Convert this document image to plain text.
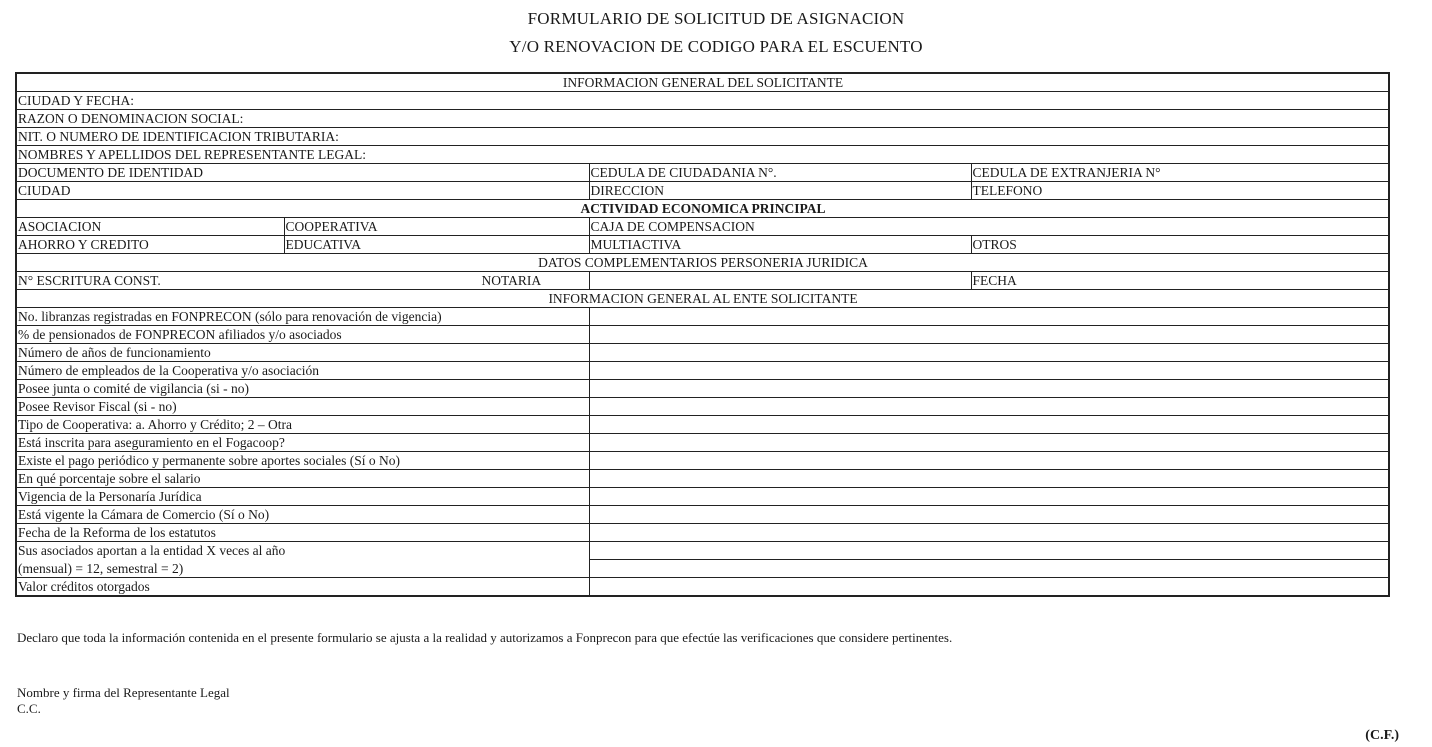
FORMULARIO DE SOLICITUD DE ASIGNACION
Y/O RENOVACION DE CODIGO PARA EL ESCUENTO
INFORMACION GENERAL DEL SOLICITANTE			
CIUDAD Y FECHA:			
RAZON O DENOMINACION SOCIAL:			
NIT. O NUMERO DE IDENTIFICACION TRIBUTARIA:			
NOMBRES Y APELLIDOS DEL REPRESENTANTE LEGAL:			
DOCUMENTO DE IDENTIDAD		CEDULA DE CIUDADANIA N°.	CEDULA DE EXTRANJERIA N°
CIUDAD		DIRECCION	TELEFONO
ACTIVIDAD ECONOMICA PRINCIPAL			
ASOCIACION	COOPERATIVA	CAJA DE COMPENSACION	
AHORRO Y CREDITO	EDUCATIVA	MULTIACTIVA	OTROS
DATOS COMPLEMENTARIOS PERSONERIA JURIDICA			
N° ESCRITURA CONST.		NOTARIA	FECHA
INFORMACION GENERAL AL ENTE SOLICITANTE			
No. libranzas registradas en FONPRECON (sólo para renovación de vigencia)			
% de pensionados de FONPRECON afiliados y/o asociados			
Número de años de funcionamiento			
Número de empleados de la Cooperativa y/o asociación			
Posee junta o comité de vigilancia (si - no)			
Posee Revisor Fiscal (si - no)			
Tipo de Cooperativa: a. Ahorro y Crédito; 2 – Otra			
Está inscrita para aseguramiento en el Fogacoop?			
Existe el pago periódico y permanente sobre aportes sociales (Sí o No)			
En qué porcentaje sobre el salario			
Vigencia de la Personaría Jurídica			
Está vigente la Cámara de Comercio (Sí o No)			
Fecha de la Reforma de los estatutos			
Sus asociados aportan a la entidad X veces al año			
(mensual) = 12, semestral = 2)			
Valor créditos otorgados			
Declaro que toda la información contenida en el presente formulario se ajusta a la realidad y autorizamos a Fonprecon para que efectúe las verificaciones que considere pertinentes.
Nombre y firma del Representante Legal
C.C.
(C.F.)
